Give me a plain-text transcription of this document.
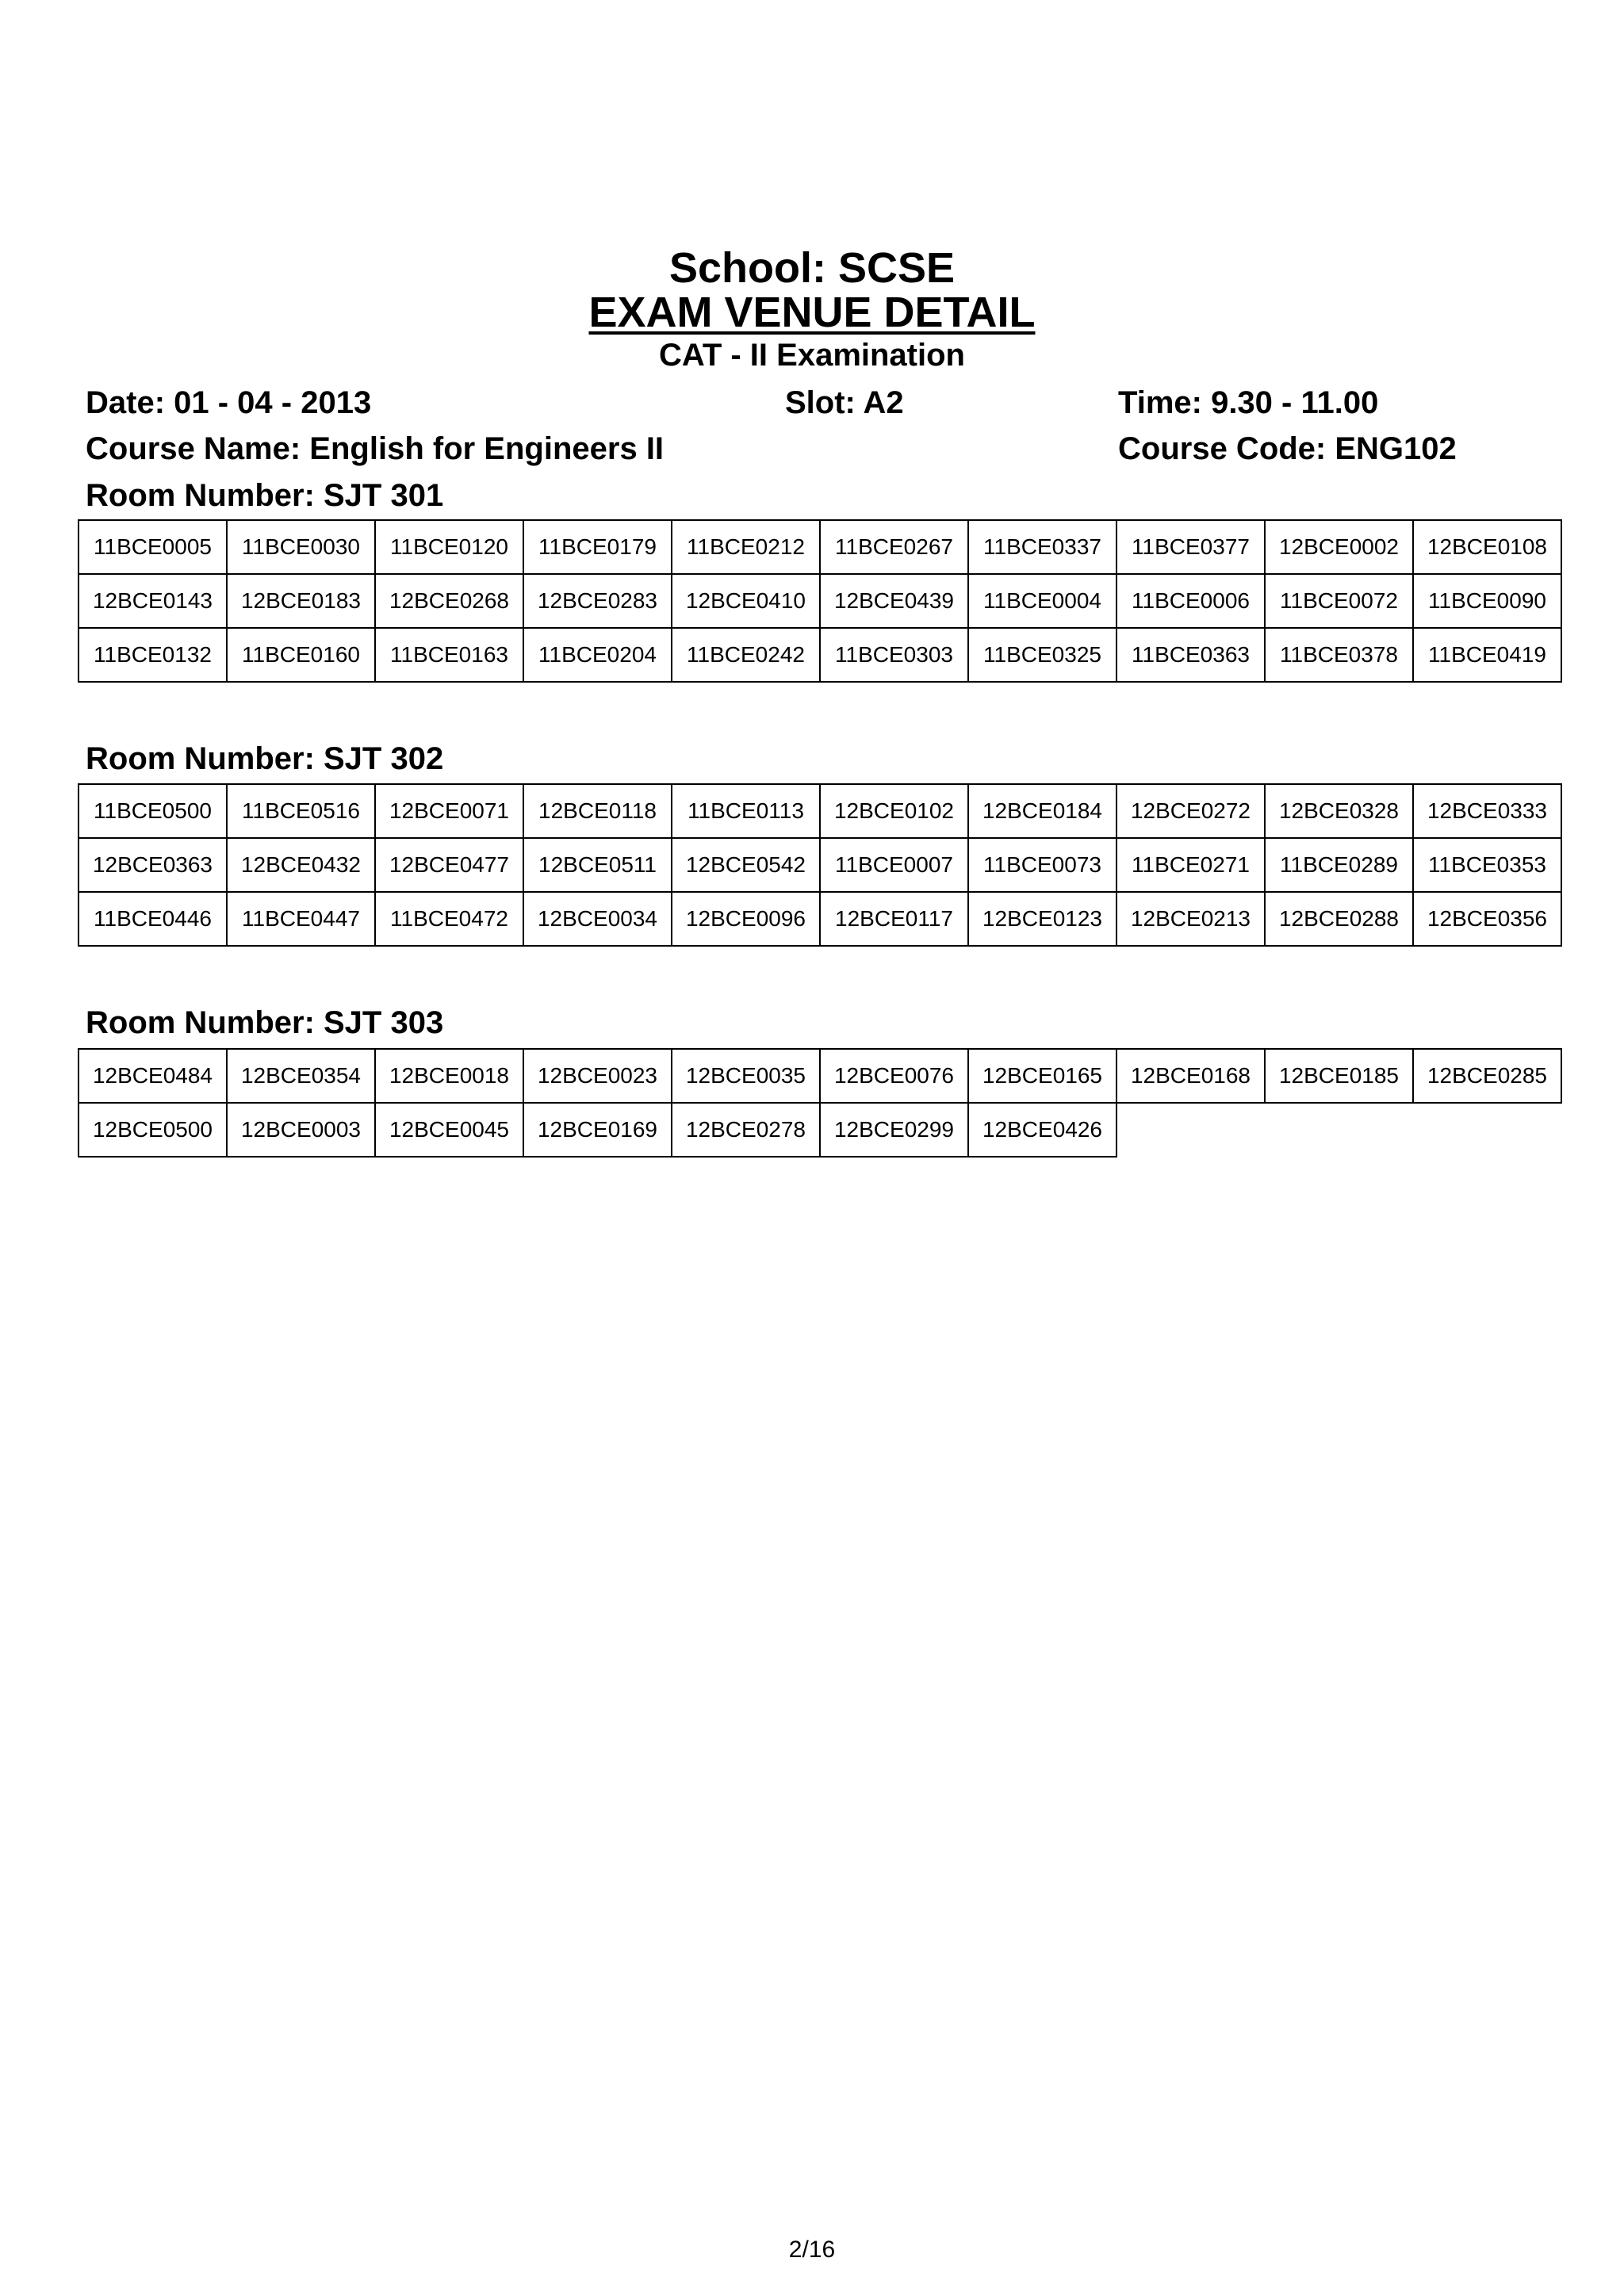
School: SCSE
EXAM VENUE DETAIL
CAT - II Examination
Date: 01 - 04 - 2013	Slot: A2	Time: 9.30 - 11.00
Course Name: English for Engineers II	Course Code: ENG102
Room Number: SJT 301
11BCE0005	11BCE0030	11BCE0120	11BCE0179	11BCE0212	11BCE0267	11BCE0337	11BCE0377	12BCE0002	12BCE0108
12BCE0143	12BCE0183	12BCE0268	12BCE0283	12BCE0410	12BCE0439	11BCE0004	11BCE0006	11BCE0072	11BCE0090
11BCE0132	11BCE0160	11BCE0163	11BCE0204	11BCE0242	11BCE0303	11BCE0325	11BCE0363	11BCE0378	11BCE0419
Room Number: SJT 302
11BCE0500	11BCE0516	12BCE0071	12BCE0118	11BCE0113	12BCE0102	12BCE0184	12BCE0272	12BCE0328	12BCE0333
12BCE0363	12BCE0432	12BCE0477	12BCE0511	12BCE0542	11BCE0007	11BCE0073	11BCE0271	11BCE0289	11BCE0353
11BCE0446	11BCE0447	11BCE0472	12BCE0034	12BCE0096	12BCE0117	12BCE0123	12BCE0213	12BCE0288	12BCE0356
Room Number: SJT 303
12BCE0484	12BCE0354	12BCE0018	12BCE0023	12BCE0035	12BCE0076	12BCE0165	12BCE0168	12BCE0185	12BCE0285
12BCE0500	12BCE0003	12BCE0045	12BCE0169	12BCE0278	12BCE0299	12BCE0426			
2/16
